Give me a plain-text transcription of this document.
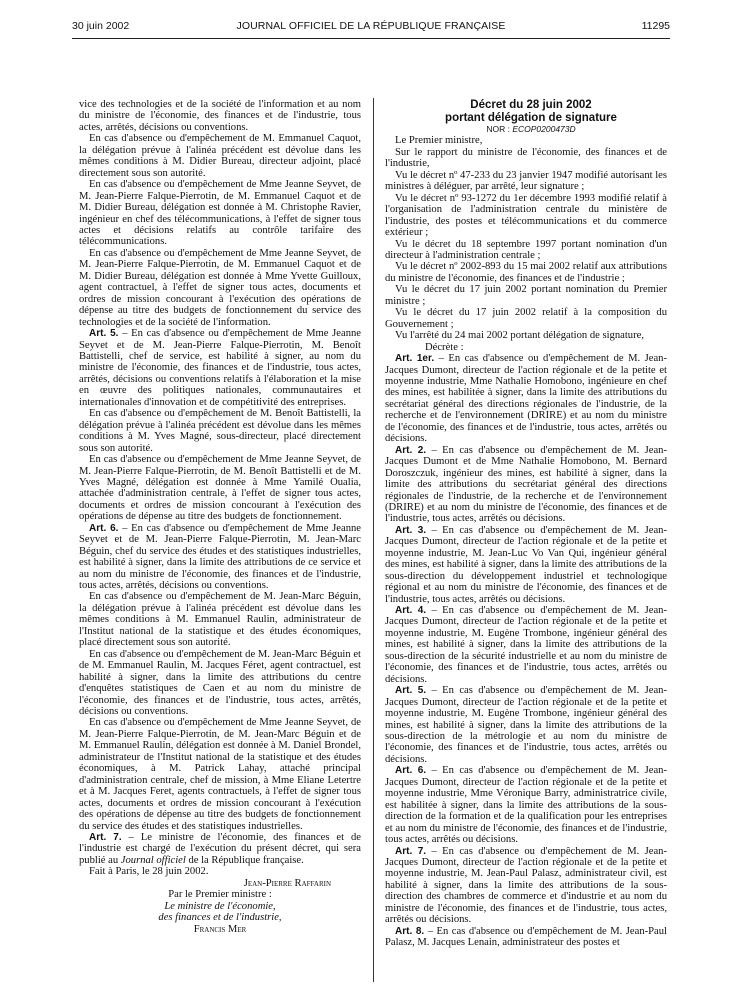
30 juin 2002	JOURNAL OFFICIEL DE LA RÉPUBLIQUE FRANÇAISE	11295

vice des technologies et de la société de l'information et au nom du ministre de l'économie, des finances et de l'industrie, tous actes, arrêtés, décisions ou conventions.

En cas d'absence ou d'empêchement de M. Emmanuel Caquot, la délégation prévue à l'alinéa précédent est dévolue dans les mêmes conditions à M. Didier Bureau, directeur adjoint, placé directement sous son autorité.

En cas d'absence ou d'empêchement de Mme Jeanne Seyvet, de M. Jean-Pierre Falque-Pierrotin, de M. Emmanuel Caquot et de M. Didier Bureau, délégation est donnée à M. Christophe Ravier, ingénieur en chef des télécommunications, à l'effet de signer tous actes et décisions relatifs au contrôle tarifaire des télécommunications.

En cas d'absence ou d'empêchement de Mme Jeanne Seyvet, de M. Jean-Pierre Falque-Pierrotin, de M. Emmanuel Caquot et de M. Didier Bureau, délégation est donnée à Mme Yvette Guilloux, agent contractuel, à l'effet de signer tous actes, documents et ordres de mission concourant à l'exécution des opérations de dépense au titre des budgets de fonctionnement du service des technologies et de la société de l'information.

Art. 5. – En cas d'absence ou d'empêchement de Mme Jeanne Seyvet et de M. Jean-Pierre Falque-Pierrotin, M. Benoît Battistelli, chef de service, est habilité à signer, au nom du ministre de l'économie, des finances et de l'industrie, tous actes, arrêtés, décisions ou conventions relatifs à l'élaboration et la mise en œuvre des politiques nationales, communautaires et internationales d'innovation et de compétitivité des entreprises.

En cas d'absence ou d'empêchement de M. Benoît Battistelli, la délégation prévue à l'alinéa précédent est dévolue dans les mêmes conditions à M. Yves Magné, sous-directeur, placé directement sous son autorité.

En cas d'absence ou d'empêchement de Mme Jeanne Seyvet, de M. Jean-Pierre Falque-Pierrotin, de M. Benoît Battistelli et de M. Yves Magné, délégation est donnée à Mme Yamilé Oualia, attachée d'administration centrale, à l'effet de signer tous actes, documents et ordres de mission concourant à l'exécution des opérations de dépense au titre des budgets de fonctionnement.

Art. 6. – En cas d'absence ou d'empêchement de Mme Jeanne Seyvet et de M. Jean-Pierre Falque-Pierrotin, M. Jean-Marc Béguin, chef du service des études et des statistiques industrielles, est habilité à signer, dans la limite des attributions de ce service et au nom du ministre de l'économie, des finances et de l'industrie, tous actes, arrêtés, décisions ou conventions.

En cas d'absence ou d'empêchement de M. Jean-Marc Béguin, la délégation prévue à l'alinéa précédent est dévolue dans les mêmes conditions à M. Emmanuel Raulin, administrateur de l'Institut national de la statistique et des études économiques, placé directement sous son autorité.

En cas d'absence ou d'empêchement de M. Jean-Marc Béguin et de M. Emmanuel Raulin, M. Jacques Féret, agent contractuel, est habilité à signer, dans la limite des attributions du centre d'enquêtes statistiques de Caen et au nom du ministre de l'économie, des finances et de l'industrie, tous actes, arrêtés, décisions ou conventions.

En cas d'absence ou d'empêchement de Mme Jeanne Seyvet, de M. Jean-Pierre Falque-Pierrotin, de M. Jean-Marc Béguin et de M. Emmanuel Raulin, délégation est donnée à M. Daniel Brondel, administrateur de l'Institut national de la statistique et des études économiques, à M. Patrick Lahay, attaché principal d'administration centrale, chef de mission, à Mme Eliane Letertre et à M. Jacques Feret, agents contractuels, à l'effet de signer tous actes, documents et ordres de mission concourant à l'exécution des opérations de dépense au titre des budgets de fonctionnement du service des études et des statistiques industrielles.

Art. 7. – Le ministre de l'économie, des finances et de l'industrie est chargé de l'exécution du présent décret, qui sera publié au Journal officiel de la République française.

Fait à Paris, le 28 juin 2002.

Jean-Pierre Raffarin

Par le Premier ministre :

Le ministre de l'économie,

des finances et de l'industrie,

Francis Mer

Décret du 28 juin 2002

portant délégation de signature

NOR : ECOP0200473D

Le Premier ministre,

Sur le rapport du ministre de l'économie, des finances et de l'industrie,

Vu le décret nº 47-233 du 23 janvier 1947 modifié autorisant les ministres à déléguer, par arrêté, leur signature ;

Vu le décret nº 93-1272 du 1er décembre 1993 modifié relatif à l'organisation de l'administration centrale du ministère de l'industrie, des postes et télécommunications et du commerce extérieur ;

Vu le décret du 18 septembre 1997 portant nomination d'un directeur à l'administration centrale ;

Vu le décret nº 2002-893 du 15 mai 2002 relatif aux attributions du ministre de l'économie, des finances et de l'industrie ;

Vu le décret du 17 juin 2002 portant nomination du Premier ministre ;

Vu le décret du 17 juin 2002 relatif à la composition du Gouvernement ;

Vu l'arrêté du 24 mai 2002 portant délégation de signature,

Décrète :

Art. 1er. – En cas d'absence ou d'empêchement de M. Jean-Jacques Dumont, directeur de l'action régionale et de la petite et moyenne industrie, Mme Nathalie Homobono, ingénieure en chef des mines, est habilitée à signer, dans la limite des attributions du secrétariat général des directions régionales de l'industrie, de la recherche et de l'environnement (DRIRE) et au nom du ministre de l'économie, des finances et de l'industrie, tous actes, arrêtés ou décisions.

Art. 2. – En cas d'absence ou d'empêchement de M. Jean-Jacques Dumont et de Mme Nathalie Homobono, M. Bernard Doroszczuk, ingénieur des mines, est habilité à signer, dans la limite des attributions du secrétariat général des directions régionales de l'industrie, de la recherche et de l'environnement (DRIRE) et au nom du ministre de l'économie, des finances et de l'industrie, tous actes, arrêtés ou décisions.

Art. 3. – En cas d'absence ou d'empêchement de M. Jean-Jacques Dumont, directeur de l'action régionale et de la petite et moyenne industrie, M. Jean-Luc Vo Van Qui, ingénieur général des mines, est habilité à signer, dans la limite des attributions de la sous-direction du développement industriel et technologique régional et au nom du ministre de l'économie, des finances et de l'industrie, tous actes, arrêtés ou décisions.

Art. 4. – En cas d'absence ou d'empêchement de M. Jean-Jacques Dumont, directeur de l'action régionale et de la petite et moyenne industrie, M. Eugène Trombone, ingénieur général des mines, est habilité à signer, dans la limite des attributions de la sous-direction de la sécurité industrielle et au nom du ministre de l'économie, des finances et de l'industrie, tous actes, arrêtés ou décisions.

Art. 5. – En cas d'absence ou d'empêchement de M. Jean-Jacques Dumont, directeur de l'action régionale et de la petite et moyenne industrie, M. Eugène Trombone, ingénieur général des mines, est habilité à signer, dans la limite des attributions de la sous-direction de la métrologie et au nom du ministre de l'économie, des finances et de l'industrie, tous actes, arrêtés ou décisions.

Art. 6. – En cas d'absence ou d'empêchement de M. Jean-Jacques Dumont, directeur de l'action régionale et de la petite et moyenne industrie, Mme Véronique Barry, administratrice civile, est habilitée à signer, dans la limite des attributions de la sous-direction de la formation et de la qualification pour les entreprises et au nom du ministre de l'économie, des finances et de l'industrie, tous actes, arrêtés ou décisions.

Art. 7. – En cas d'absence ou d'empêchement de M. Jean-Jacques Dumont, directeur de l'action régionale et de la petite et moyenne industrie, M. Jean-Paul Palasz, administrateur civil, est habilité à signer, dans la limite des attributions de la sous-direction des chambres de commerce et d'industrie et au nom du ministre de l'économie, des finances et de l'industrie, tous actes, arrêtés ou décisions.

Art. 8. – En cas d'absence ou d'empêchement de M. Jean-Paul Palasz, M. Jacques Lenain, administrateur des postes et
